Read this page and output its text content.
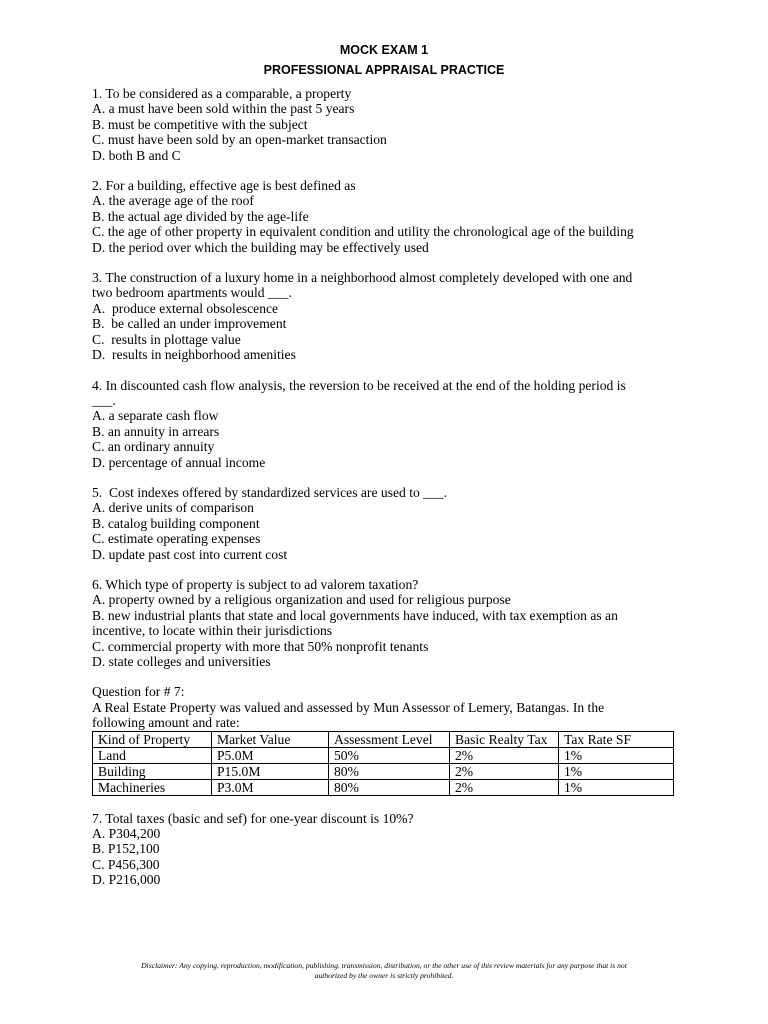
MOCK EXAM 1
PROFESSIONAL APPRAISAL PRACTICE
1. To be considered as a comparable, a property
A. a must have been sold within the past 5 years
B. must be competitive with the subject
C. must have been sold by an open-market transaction
D. both B and C
2. For a building, effective age is best defined as
A. the average age of the roof
B. the actual age divided by the age-life
C. the age of other property in equivalent condition and utility the chronological age of the building
D. the period over which the building may be effectively used
3. The construction of a luxury home in a neighborhood almost completely developed with one and
two bedroom apartments would ___.
A.  produce external obsolescence
B.  be called an under improvement
C.  results in plottage value
D.  results in neighborhood amenities
4. In discounted cash flow analysis, the reversion to be received at the end of the holding period is
___.
A. a separate cash flow
B. an annuity in arrears
C. an ordinary annuity
D. percentage of annual income
5.  Cost indexes offered by standardized services are used to ___.
A. derive units of comparison
B. catalog building component
C. estimate operating expenses
D. update past cost into current cost
6. Which type of property is subject to ad valorem taxation?
A. property owned by a religious organization and used for religious purpose
B. new industrial plants that state and local governments have induced, with tax exemption as an
incentive, to locate within their jurisdictions
C. commercial property with more that 50% nonprofit tenants
D. state colleges and universities
Question for # 7:
A Real Estate Property was valued and assessed by Mun Assessor of Lemery, Batangas. In the
following amount and rate:
Kind of Property	Market Value	Assessment Level	Basic Realty Tax	Tax Rate SF
Land	P5.0M	50%	2%	1%
Building	P15.0M	80%	2%	1%
Machineries	P3.0M	80%	2%	1%
7. Total taxes (basic and sef) for one-year discount is 10%?
A. P304,200
B. P152,100
C. P456,300
D. P216,000
Disclaimer: Any copying, reproduction, modification, publishing, transmission, distribution, or the other use of this review materials for any purpose that is not
authorized by the owner is strictly prohibited.
